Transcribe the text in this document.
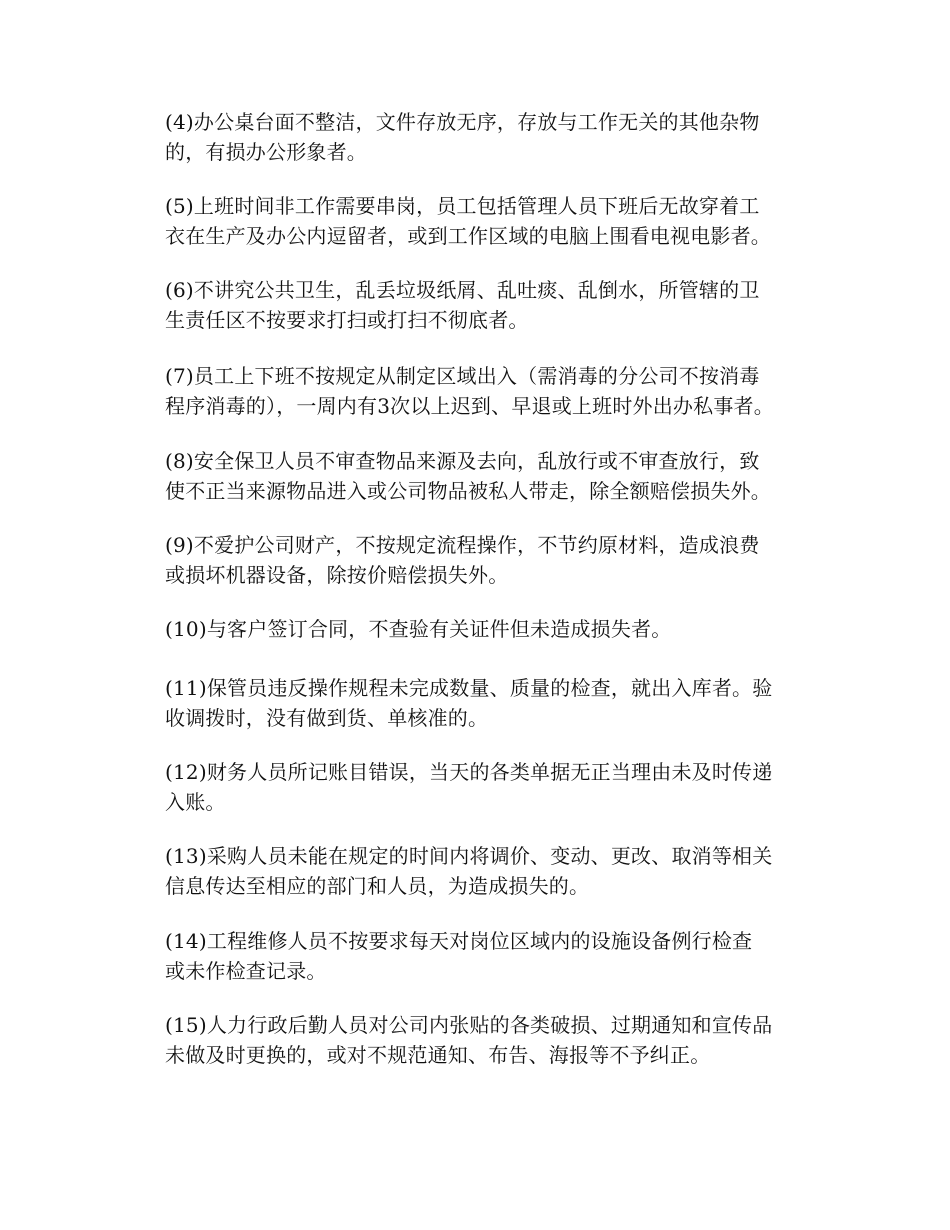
(4)办公桌台面不整洁，文件存放无序，存放与工作无关的其他杂物
的，有损办公形象者。

(5)上班时间非工作需要串岗，员工包括管理人员下班后无故穿着工
衣在生产及办公内逗留者，或到工作区域的电脑上围看电视电影者。

(6)不讲究公共卫生，乱丢垃圾纸屑、乱吐痰、乱倒水，所管辖的卫
生责任区不按要求打扫或打扫不彻底者。

(7)员工上下班不按规定从制定区域出入（需消毒的分公司不按消毒
程序消毒的），一周内有3次以上迟到、早退或上班时外出办私事者。

(8)安全保卫人员不审查物品来源及去向，乱放行或不审查放行，致
使不正当来源物品进入或公司物品被私人带走，除全额赔偿损失外。

(9)不爱护公司财产，不按规定流程操作，不节约原材料，造成浪费
或损坏机器设备，除按价赔偿损失外。

(10)与客户签订合同，不查验有关证件但未造成损失者。

(11)保管员违反操作规程未完成数量、质量的检查，就出入库者。验
收调拨时，没有做到货、单核准的。

(12)财务人员所记账目错误，当天的各类单据无正当理由未及时传递
入账。

(13)采购人员未能在规定的时间内将调价、变动、更改、取消等相关
信息传达至相应的部门和人员，为造成损失的。

(14)工程维修人员不按要求每天对岗位区域内的设施设备例行检查
或未作检查记录。

(15)人力行政后勤人员对公司内张贴的各类破损、过期通知和宣传品
未做及时更换的，或对不规范通知、布告、海报等不予纠正。
